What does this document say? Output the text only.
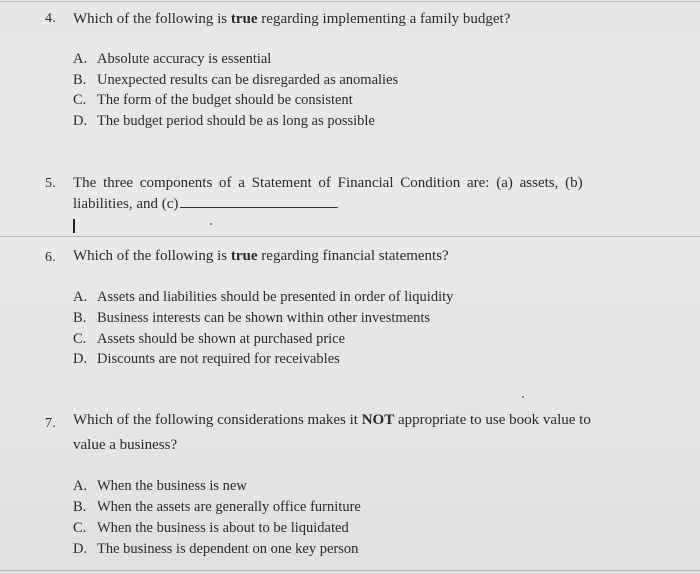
4. Which of the following is true regarding implementing a family budget?
A. Absolute accuracy is essential
B. Unexpected results can be disregarded as anomalies
C. The form of the budget should be consistent
D. The budget period should be as long as possible
5. The three components of a Statement of Financial Condition are: (a) assets, (b)
liabilities, and (c)
6. Which of the following is true regarding financial statements?
A. Assets and liabilities should be presented in order of liquidity
B. Business interests can be shown within other investments
C. Assets should be shown at purchased price
D. Discounts are not required for receivables
7. Which of the following considerations makes it NOT appropriate to use book value to
value a business?
A. When the business is new
B. When the assets are generally office furniture
C. When the business is about to be liquidated
D. The business is dependent on one key person
